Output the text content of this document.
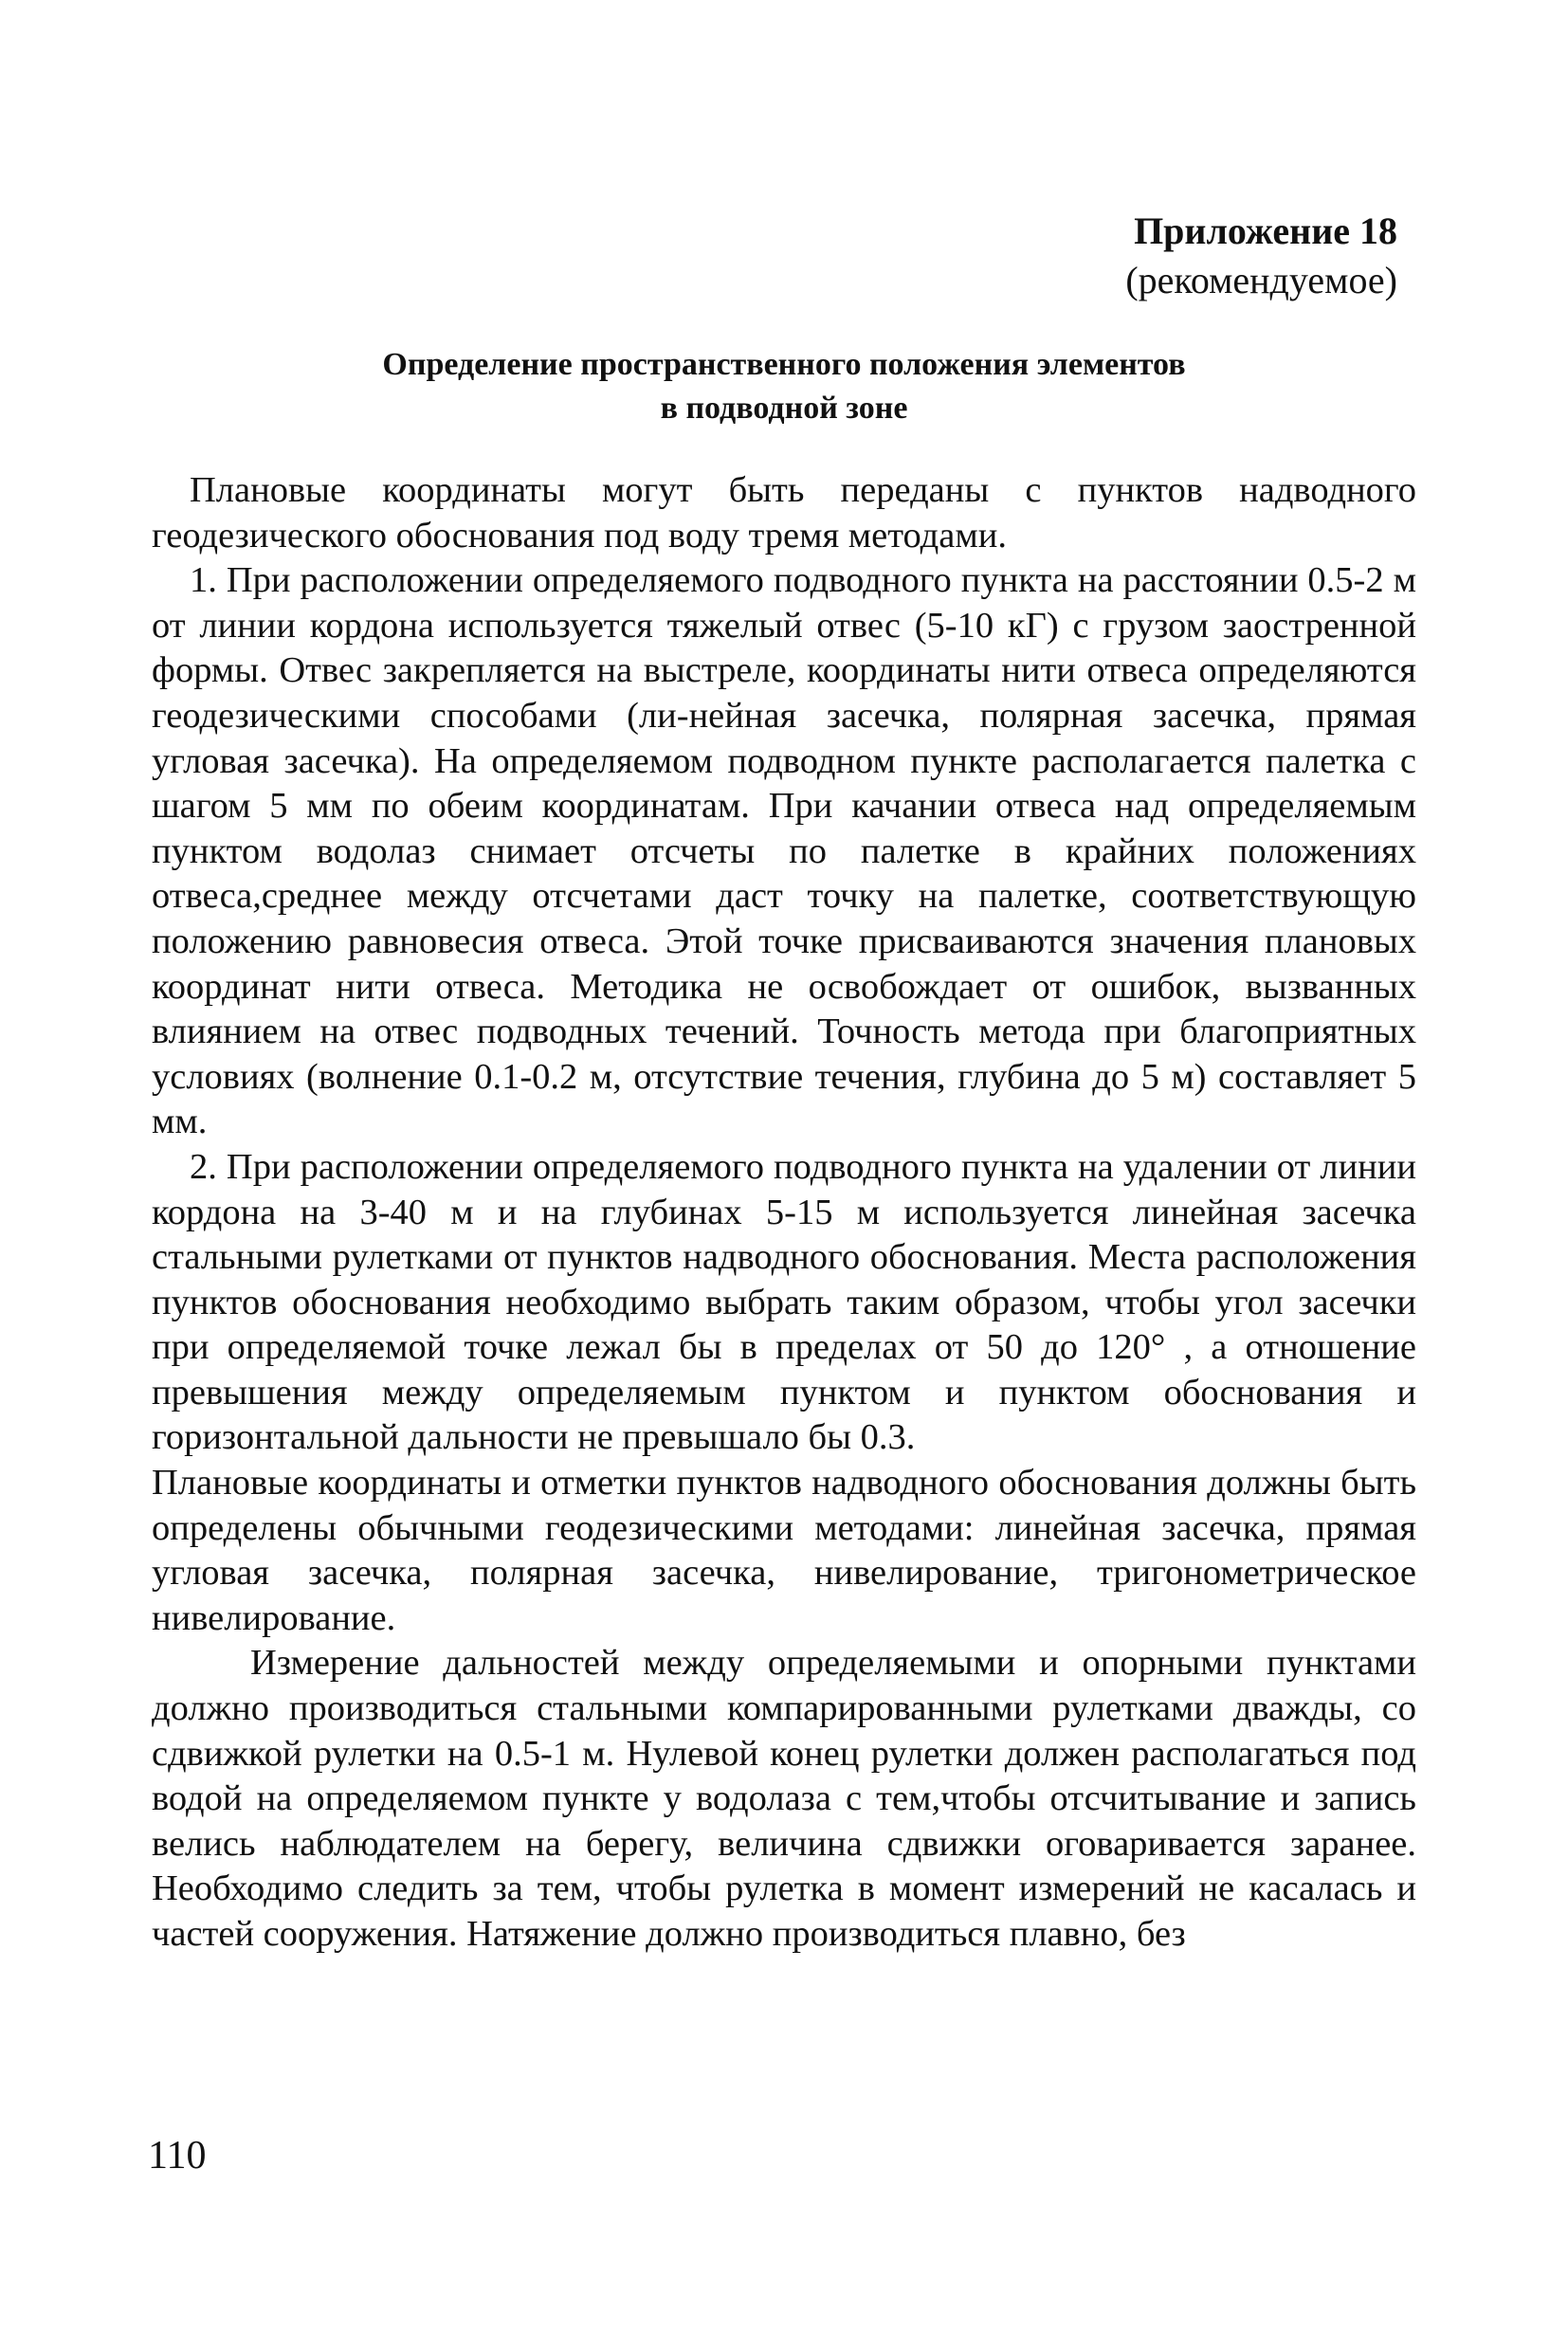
Приложение 18
(рекомендуемое)
Определение пространственного положения элементов
в подводной зоне

Плановые координаты могут быть переданы с пунктов надводного геодезического обоснования под воду тремя методами.

1. При расположении определяемого подводного пункта на расстоянии 0.5-2 м от линии кордона используется тяжелый отвес (5-10 кГ) с грузом заостренной формы. Отвес закрепляется на выстреле, координаты нити отвеса определяются геодезическими способами (ли-нейная засечка, полярная засечка, прямая угловая засечка). На определяемом подводном пункте располагается палетка с шагом 5 мм по обеим координатам. При качании отвеса над определяемым пунктом водолаз снимает отсчеты по палетке в крайних положениях отвеса,среднее между отсчетами даст точку на палетке, соответствующую положению равновесия отвеса. Этой точке присваиваются значения плановых координат нити отвеса. Методика не освобождает от ошибок, вызванных влиянием на отвес подводных течений. Точность метода при благоприятных условиях (волнение 0.1-0.2 м, отсутствие течения, глубина до 5 м) составляет 5 мм.

2. При расположении определяемого подводного пункта на удалении от линии кордона на 3-40 м и на глубинах 5-15 м используется линейная засечка стальными рулетками от пунктов надводного обоснования. Места расположения пунктов обоснования необходимо выбрать таким образом, чтобы угол засечки при определяемой точке лежал бы в пределах от 50 до 120° , а отношение превышения между определяемым пунктом и пунктом обоснования и горизонтальной дальности не превышало бы 0.3.

Плановые координаты и отметки пунктов надводного обоснования должны быть определены обычными геодезическими методами: линейная засечка, прямая угловая засечка, полярная засечка, нивелирование, тригонометрическое нивелирование.

Измерение дальностей между определяемыми и опорными пунктами должно производиться стальными компарированными рулетками дважды, со сдвижкой рулетки на 0.5-1 м. Нулевой конец рулетки должен располагаться под водой на определяемом пункте у водолаза с тем,чтобы отсчитывание и запись велись наблюдателем на берегу, величина сдвижки оговаривается заранее. Необходимо следить за тем, чтобы рулетка в момент измерений не касалась и частей сооружения. Натяжение должно производиться плавно, без

110
